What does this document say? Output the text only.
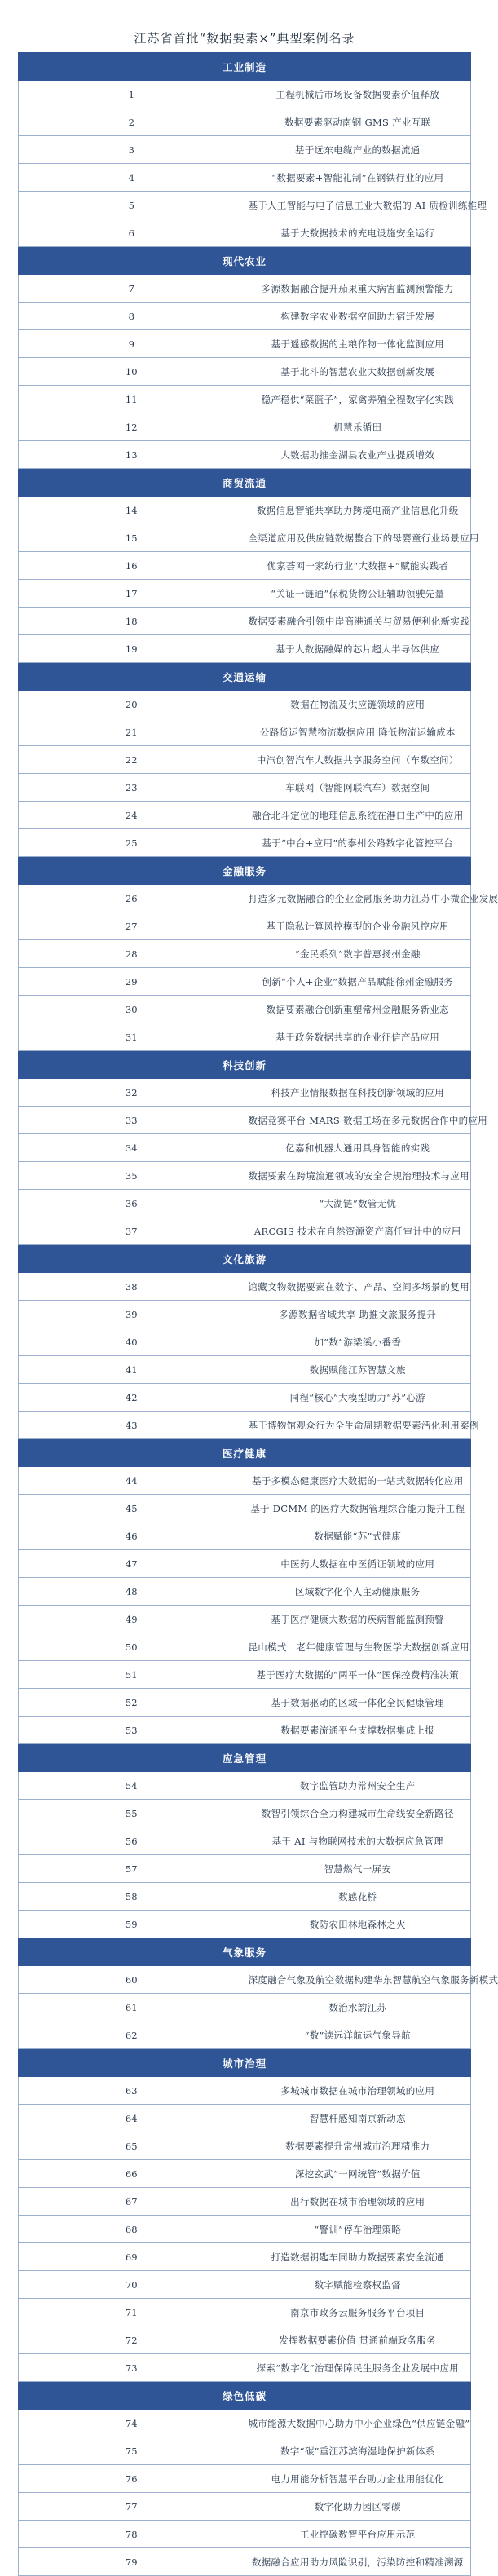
江苏省首批“数据要素×”典型案例名录
工业制造	
1	工程机械后市场设备数据要素价值释放
2	数据要素驱动南钢 GMS 产业互联
3	基于远东电缆产业的数据流通
4	“数据要素+智能礼制”在钢铁行业的应用
5	基于人工智能与电子信息工业大数据的 AI 质检训练推理
6	基于大数据技术的充电设施安全运行
现代农业	
7	多源数据融合提升茄果重大病害监测预警能力
8	构建数字农业数据空间助力宿迁发展
9	基于遥感数据的主粮作物一体化监测应用
10	基于北斗的智慧农业大数据创新发展
11	稳产稳供“菜篮子”，家禽养殖全程数字化实践
12	机慧乐循田
13	大数据助推金湖县农业产业提质增效
商贸流通	
14	数据信息智能共享助力跨境电商产业信息化升级
15	全渠道应用及供应链数据整合下的母婴童行业场景应用
16	优家荟网一家纺行业“大数据+”赋能实践者
17	“关证一链通”保税货物公证辅助领驶先量
18	数据要素融合引领中岸商港通关与贸易便利化新实践
19	基于大数据融媒的芯片超人半导体供应
交通运输	
20	数据在物流及供应链领域的应用
21	公路货运智慧物流数据应用 降低物流运输成本
22	中汽创智汽车大数据共享服务空间（车数空间）
23	车联网（智能网联汽车）数据空间
24	融合北斗定位的地理信息系统在港口生产中的应用
25	基于“中台+应用”的泰州公路数字化管控平台
金融服务	
26	打造多元数据融合的企业金融服务助力江苏中小微企业发展
27	基于隐私计算风控模型的企业金融风控应用
28	“金民系列”数字普惠扬州金融
29	创新“个人+企业”数据产品赋能徐州金融服务
30	数据要素融合创新重塑常州金融服务新业态
31	基于政务数据共享的企业征信产品应用
科技创新	
32	科技产业情报数据在科技创新领域的应用
33	数据竞赛平台 MARS 数据工场在多元数据合作中的应用
34	亿嘉和机器人通用具身智能的实践
35	数据要素在跨境流通领域的安全合规治理技术与应用
36	“大湖链”数管无忧
37	ARCGIS 技术在自然资源资产离任审计中的应用
文化旅游	
38	馆藏文物数据要素在数字、产品、空间多场景的复用
39	多源数据省域共享 助推文旅服务提升
40	加“数”游梁溪小番香
41	数据赋能江苏智慧文旅
42	同程“核心”大模型助力“苏”心游
43	基于博物馆观众行为全生命周期数据要素活化利用案例
医疗健康	
44	基于多模态健康医疗大数据的一站式数据转化应用
45	基于 DCMM 的医疗大数据管理综合能力提升工程
46	数据赋能“苏”式健康
47	中医药大数据在中医循证领域的应用
48	区域数字化个人主动健康服务
49	基于医疗健康大数据的疾病智能监测预警
50	昆山模式：老年健康管理与生物医学大数据创新应用
51	基于医疗大数据的“两平一体”医保控费精准决策
52	基于数据驱动的区域一体化全民健康管理
53	数据要素流通平台支撑数据集成上报
应急管理	
54	数字监管助力常州安全生产
55	数智引领综合全力构建城市生命线安全新路径
56	基于 AI 与物联网技术的大数据应急管理
57	智慧燃气一屏安
58	数感花桥
59	数防农田林地森林之火
气象服务	
60	深度融合气象及航空数据构建华东智慧航空气象服务新模式
61	数治水韵江苏
62	“数”读远洋航运气象导航
城市治理	
63	多城城市数据在城市治理领域的应用
64	智慧杆感知南京新动态
65	数据要素提升常州城市治理精准力
66	深挖玄武“一网统管”数据价值
67	出行数据在城市治理领域的应用
68	“警训”停车治理策略
69	打造数据钥匙车同助力数据要素安全流通
70	数字赋能检察权监督
71	南京市政务云服务服务平台项目
72	发挥数据要素价值 贯通前端政务服务
73	探索“数字化”治理保障民生服务企业发展中应用
绿色低碳	
74	城市能源大数据中心助力中小企业绿色“供应链金融”
75	数字“碳”重江苏滨海湿地保护新体系
76	电力用能分析智慧平台助力企业用能优化
77	数字化助力园区零碳
78	工业控碳数智平台应用示范
79	数据融合应用助力风险识别，污染防控和精准溯源
